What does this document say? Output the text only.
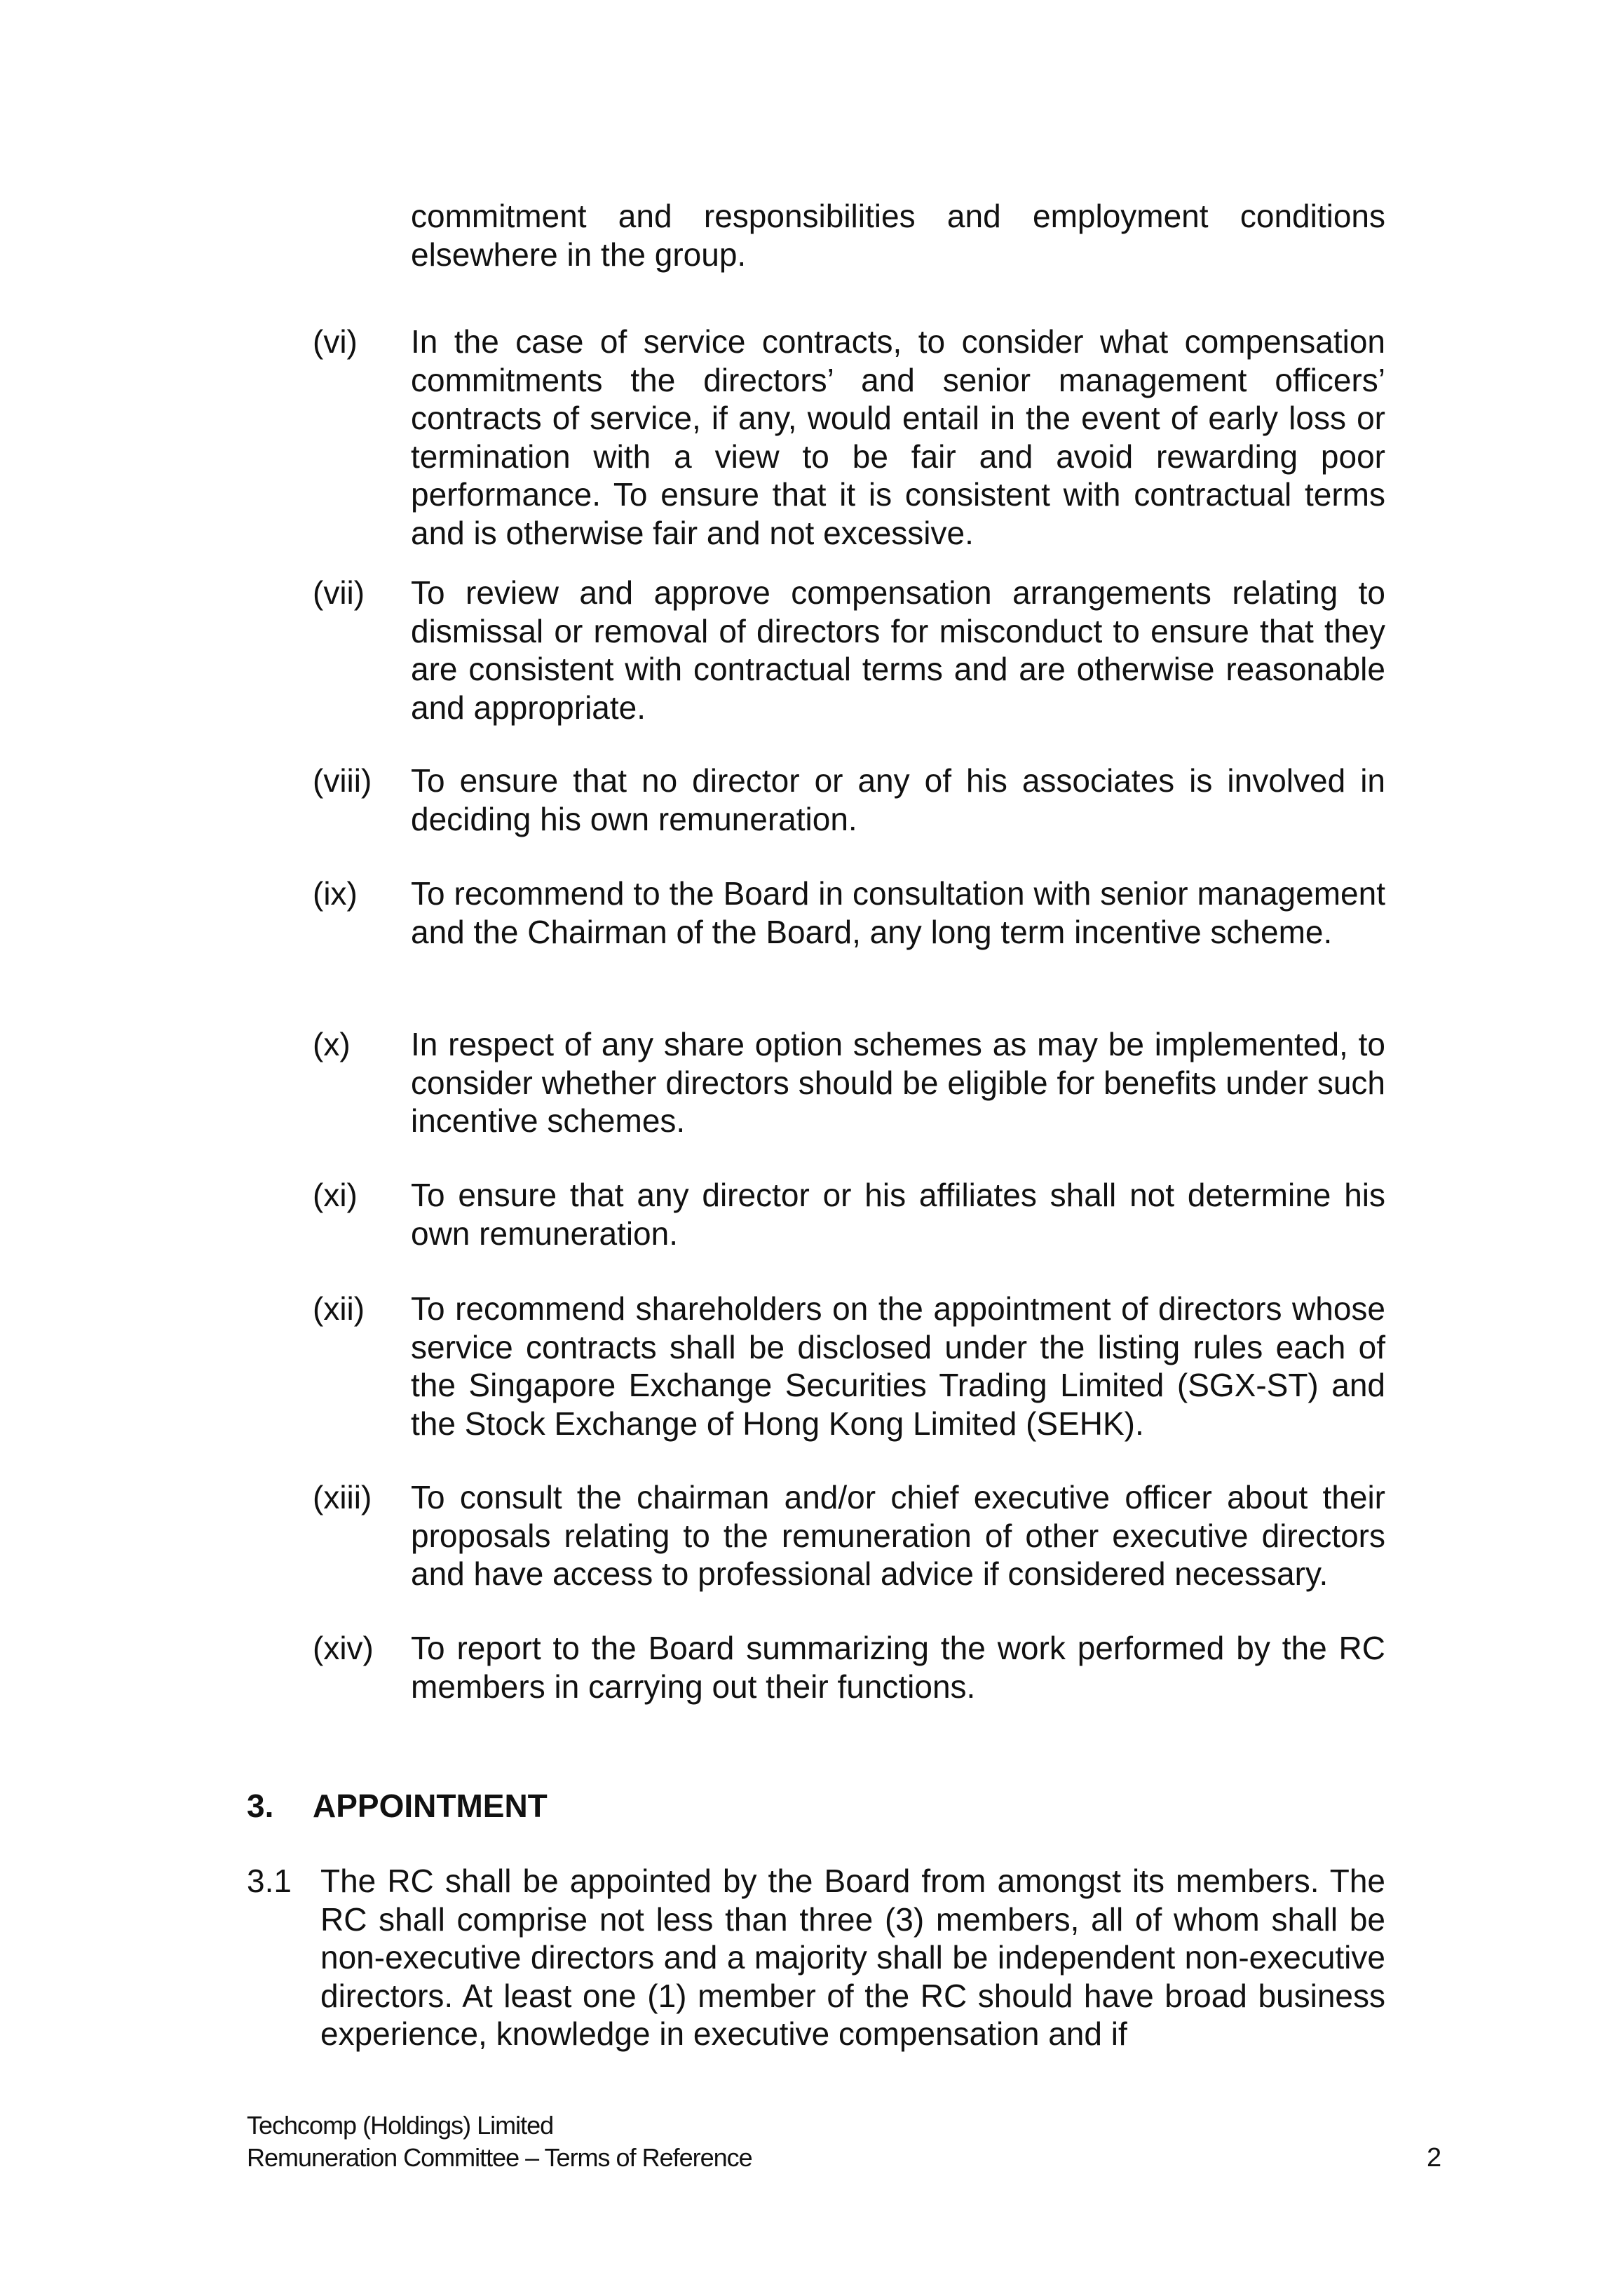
commitment and responsibilities and employment conditions elsewhere in the group.

(vi) In the case of service contracts, to consider what compensation commitments the directors’ and senior management officers’ contracts of service, if any, would entail in the event of early loss or termination with a view to be fair and avoid rewarding poor performance. To ensure that it is consistent with contractual terms and is otherwise fair and not excessive.

(vii) To review and approve compensation arrangements relating to dismissal or removal of directors for misconduct to ensure that they are consistent with contractual terms and are otherwise reasonable and appropriate.

(viii) To ensure that no director or any of his associates is involved in deciding his own remuneration.

(ix) To recommend to the Board in consultation with senior management and the Chairman of the Board, any long term incentive scheme.

(x) In respect of any share option schemes as may be implemented, to consider whether directors should be eligible for benefits under such incentive schemes.

(xi) To ensure that any director or his affiliates shall not determine his own remuneration.

(xii) To recommend shareholders on the appointment of directors whose service contracts shall be disclosed under the listing rules each of the Singapore Exchange Securities Trading Limited (SGX-ST) and the Stock Exchange of Hong Kong Limited (SEHK).

(xiii) To consult the chairman and/or chief executive officer about their proposals relating to the remuneration of other executive directors and have access to professional advice if considered necessary.

(xiv) To report to the Board summarizing the work performed by the RC members in carrying out their functions.

3. APPOINTMENT
3.1 The RC shall be appointed by the Board from amongst its members. The RC shall comprise not less than three (3) members, all of whom shall be non-executive directors and a majority shall be independent non-executive directors. At least one (1) member of the RC should have broad business experience, knowledge in executive compensation and if

Techcomp (Holdings) Limited
Remuneration Committee – Terms of Reference	2
